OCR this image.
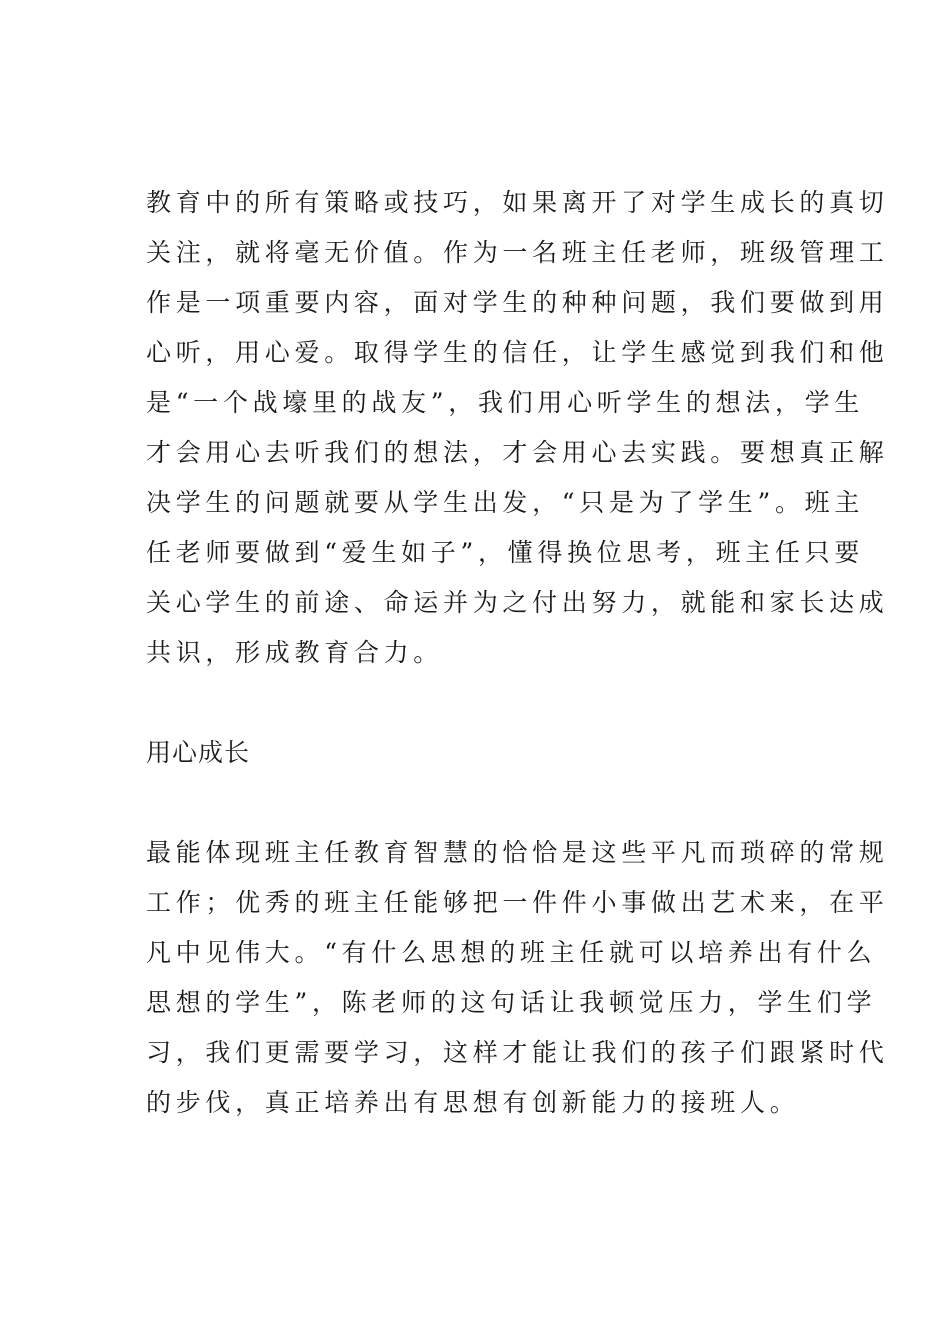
教育中的所有策略或技巧，如果离开了对学生成长的真切
关注，就将毫无价值。作为一名班主任老师，班级管理工
作是一项重要内容，面对学生的种种问题，我们要做到用
心听，用心爱。取得学生的信任，让学生感觉到我们和他
是“一个战壕里的战友”，我们用心听学生的想法，学生
才会用心去听我们的想法，才会用心去实践。要想真正解
决学生的问题就要从学生出发，“只是为了学生”。班主
任老师要做到“爱生如子”，懂得换位思考，班主任只要
关心学生的前途、命运并为之付出努力，就能和家长达成
共识，形成教育合力。

用心成长

最能体现班主任教育智慧的恰恰是这些平凡而琐碎的常规
工作；优秀的班主任能够把一件件小事做出艺术来，在平
凡中见伟大。“有什么思想的班主任就可以培养出有什么
思想的学生”，陈老师的这句话让我顿觉压力，学生们学
习，我们更需要学习，这样才能让我们的孩子们跟紧时代
的步伐，真正培养出有思想有创新能力的接班人。
